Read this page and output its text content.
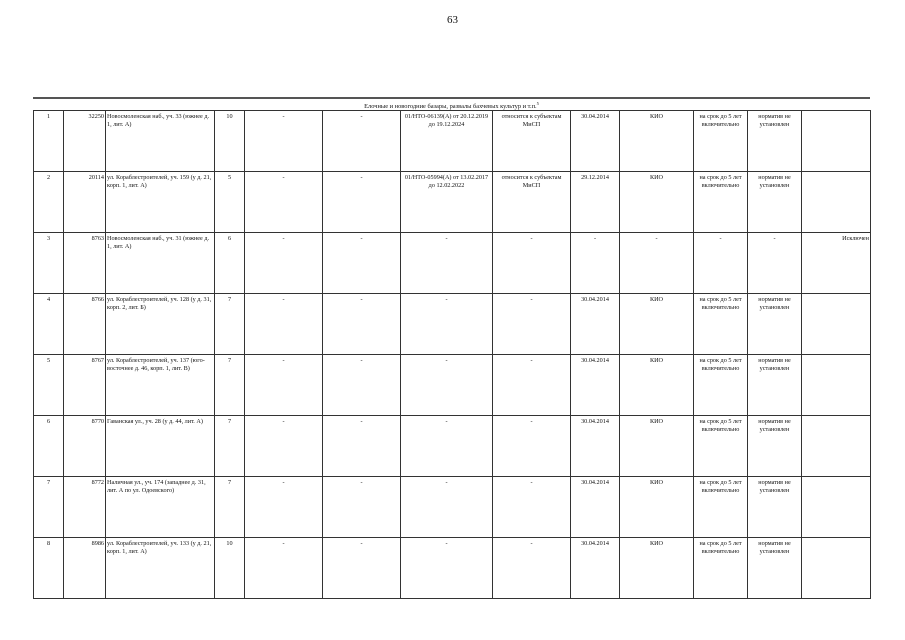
63
Елочные и новогодние базары, развалы бахчевых культур и т.п.$^5$
1	32250	Новосмоленская наб., уч. 33 (южнее д. 1, лит. А)	10	-	-	01/НТО-06139(А) от 20.12.2019 до 19.12.2024	относится к субъектам МиСП	30.04.2014	КИО	на срок до 5 лет включительно	норматив не установлен	
2	20114	ул. Кораблестроителей, уч. 159 (у д. 21, корп. 1, лит. А)	5	-	-	01/НТО-05994(А) от 13.02.2017 до 12.02.2022	относится к субъектам МиСП	29.12.2014	КИО	на срок до 5 лет включительно	норматив не установлен	
3	8763	Новосмоленская наб., уч. 31 (южнее д. 1, лит. А)	6	-	-	-	-	-	-	-	-	Исключен
4	8766	ул. Кораблестроителей, уч. 128 (у д. 31, корп. 2, лит. Б)	7	-	-	-	-	30.04.2014	КИО	на срок до 5 лет включительно	норматив не установлен	
5	8767	ул. Кораблестроителей, уч. 137 (юго-восточнее д. 46, корп. 1, лит. В)	7	-	-	-	-	30.04.2014	КИО	на срок до 5 лет включительно	норматив не установлен	
6	8770	Гаванская ул., уч. 28 (у д. 44, лит. А)	7	-	-	-	-	30.04.2014	КИО	на срок до 5 лет включительно	норматив не установлен	
7	8772	Наличная ул., уч. 174 (западнее д. 31, лит. А по ул. Одоевского)	7	-	-	-	-	30.04.2014	КИО	на срок до 5 лет включительно	норматив не установлен	
8	8986	ул. Кораблестроителей, уч. 133 (у д. 21, корп. 1, лит. А)	10	-	-	-	-	30.04.2014	КИО	на срок до 5 лет включительно	норматив не установлен	
